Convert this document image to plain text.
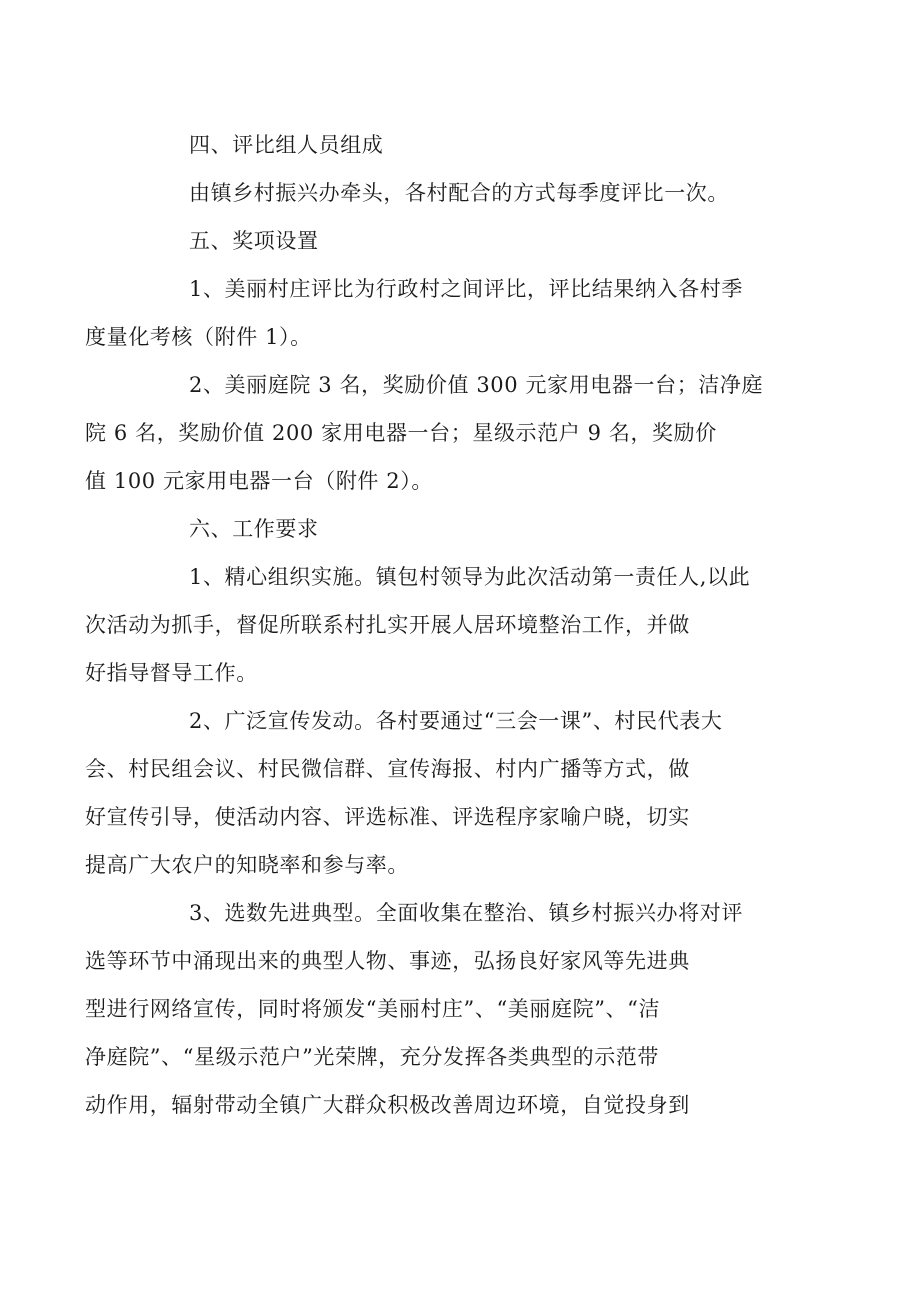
四、评比组人员组成

由镇乡村振兴办牵头，各村配合的方式每季度评比一次。

五、奖项设置

1、美丽村庄评比为行政村之间评比，评比结果纳入各村季
度量化考核（附件 1）。

2、美丽庭院 3 名，奖励价值 300 元家用电器一台；洁净庭
院 6 名，奖励价值 200 家用电器一台；星级示范户 9 名，奖励价
值 100 元家用电器一台（附件 2）。

六、工作要求

1、精心组织实施。镇包村领导为此次活动第一责任人,以此
次活动为抓手，督促所联系村扎实开展人居环境整治工作，并做
好指导督导工作。

2、广泛宣传发动。各村要通过“三会一课”、村民代表大
会、村民组会议、村民微信群、宣传海报、村内广播等方式，做
好宣传引导，使活动内容、评选标准、评选程序家喻户晓，切实
提高广大农户的知晓率和参与率。

3、选数先进典型。全面收集在整治、镇乡村振兴办将对评
选等环节中涌现出来的典型人物、事迹，弘扬良好家风等先进典
型进行网络宣传，同时将颁发“美丽村庄”、“美丽庭院”、“洁
净庭院”、“星级示范户”光荣牌，充分发挥各类典型的示范带
动作用，辐射带动全镇广大群众积极改善周边环境，自觉投身到
